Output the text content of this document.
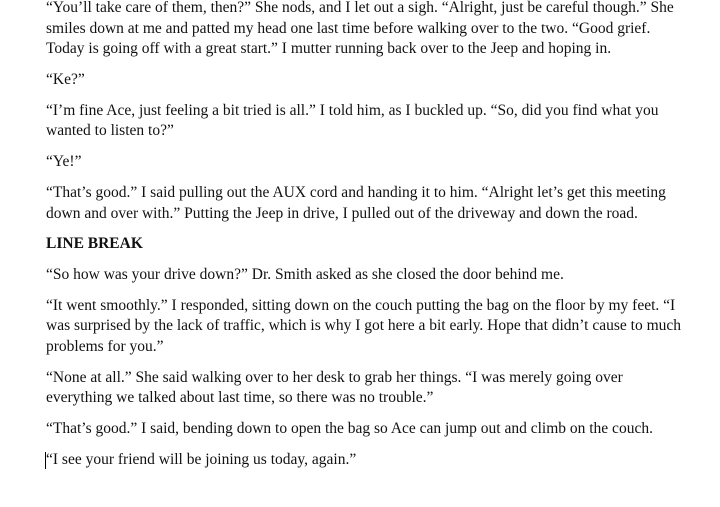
“You’ll take care of them, then?” She nods, and I let out a sigh. “Alright, just be careful though.” She smiles down at me and patted my head one last time before walking over to the two. “Good grief. Today is going off with a great start.” I mutter running back over to the Jeep and hoping in.

“Ke?”

“I’m fine Ace, just feeling a bit tried is all.” I told him, as I buckled up. “So, did you find what you wanted to listen to?”

“Ye!”

“That’s good.” I said pulling out the AUX cord and handing it to him. “Alright let’s get this meeting down and over with.” Putting the Jeep in drive, I pulled out of the driveway and down the road.

LINE BREAK

“So how was your drive down?” Dr. Smith asked as she closed the door behind me.

“It went smoothly.” I responded, sitting down on the couch putting the bag on the floor by my feet. “I was surprised by the lack of traffic, which is why I got here a bit early. Hope that didn’t cause to much problems for you.”

“None at all.” She said walking over to her desk to grab her things. “I was merely going over everything we talked about last time, so there was no trouble.”

“That’s good.” I said, bending down to open the bag so Ace can jump out and climb on the couch.

“I see your friend will be joining us today, again.”
